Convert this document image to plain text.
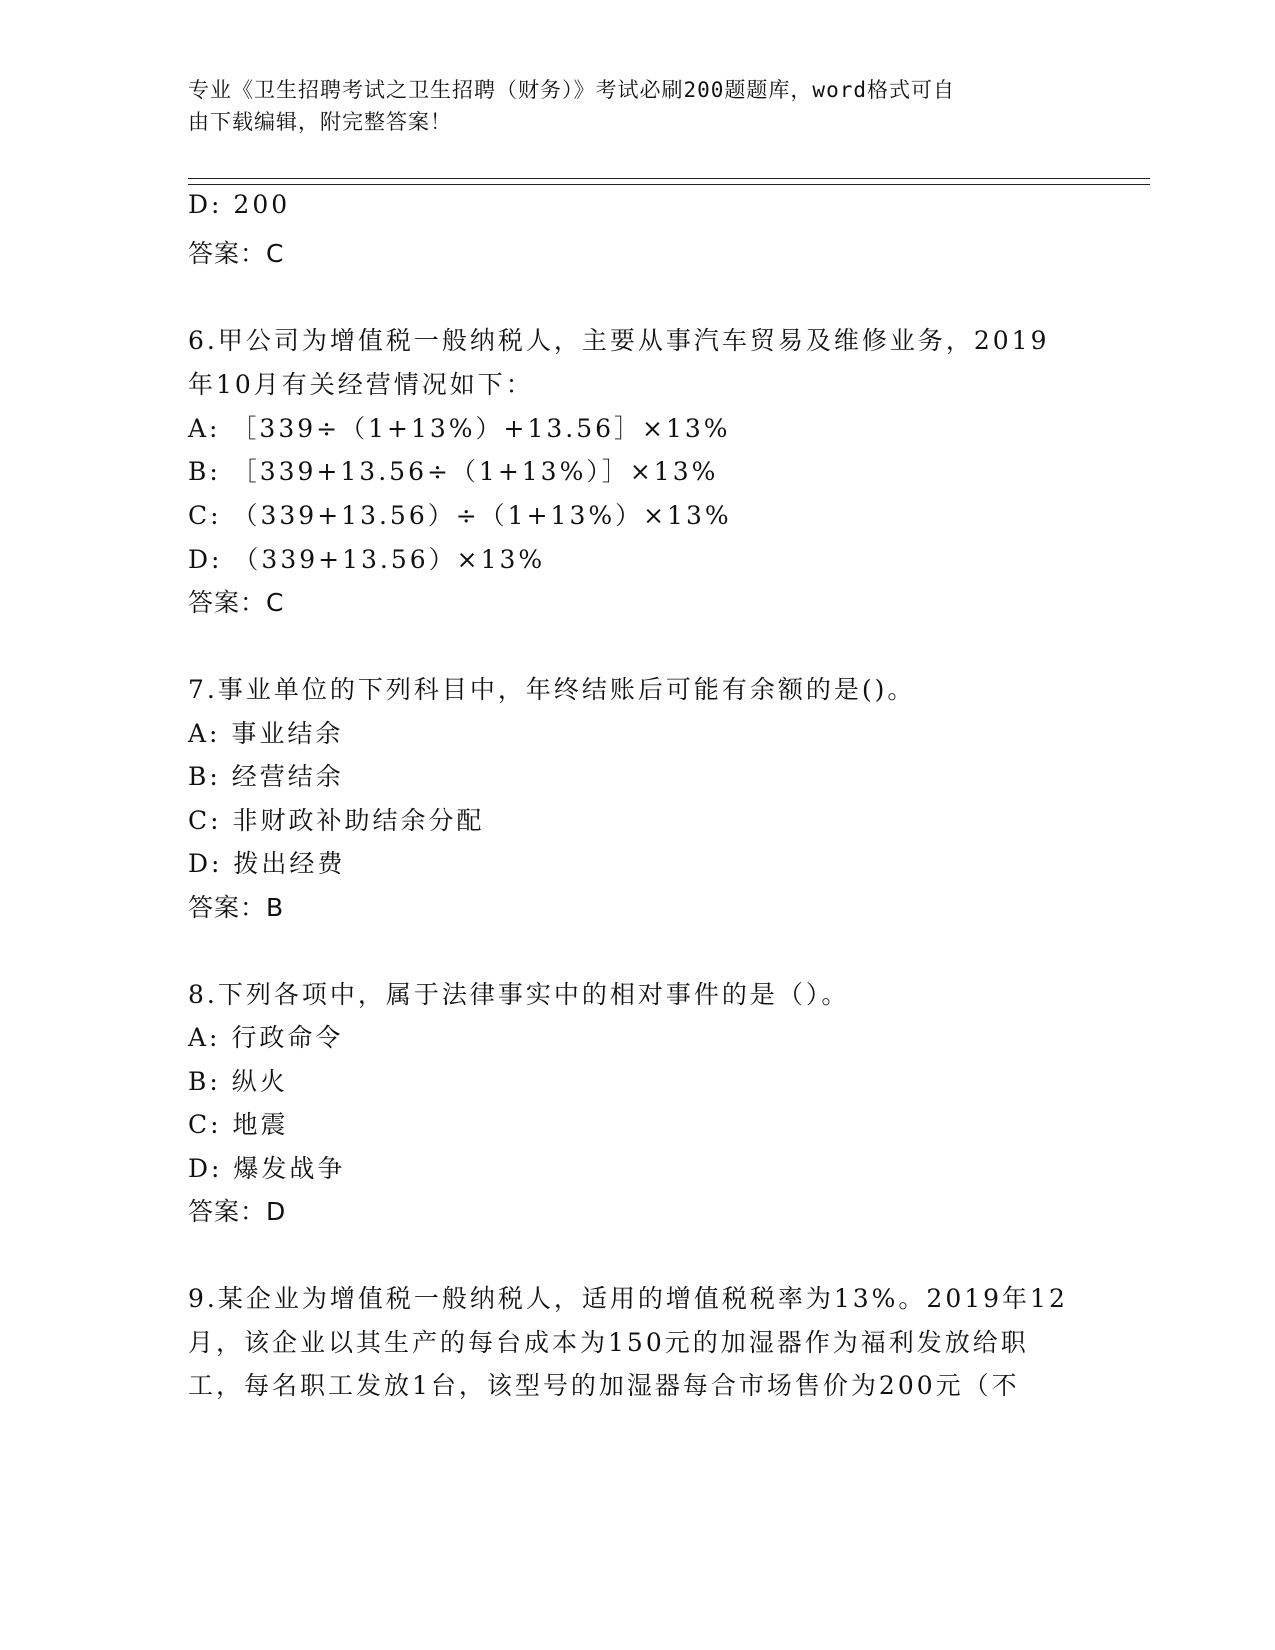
专业《卫生招聘考试之卫生招聘（财务）》考试必刷200题题库，word格式可自
由下载编辑，附完整答案！
D: 200
答案：C
6.甲公司为增值税一般纳税人，主要从事汽车贸易及维修业务，2019
年10月有关经营情况如下：
A: ［339÷（1+13%）+13.56］×13%
B: ［339+13.56÷（1+13%）］×13%
C: （339+13.56）÷（1+13%）×13%
D: （339+13.56）×13%
答案：C
7.事业单位的下列科目中，年终结账后可能有余额的是()。
A: 事业结余
B: 经营结余
C: 非财政补助结余分配
D: 拨出经费
答案：B
8.下列各项中，属于法律事实中的相对事件的是（）。
A: 行政命令
B: 纵火
C: 地震
D: 爆发战争
答案：D
9.某企业为增值税一般纳税人，适用的增值税税率为13%。2019年12
月，该企业以其生产的每台成本为150元的加湿器作为福利发放给职
工，每名职工发放1台，该型号的加湿器每合市场售价为200元（不
